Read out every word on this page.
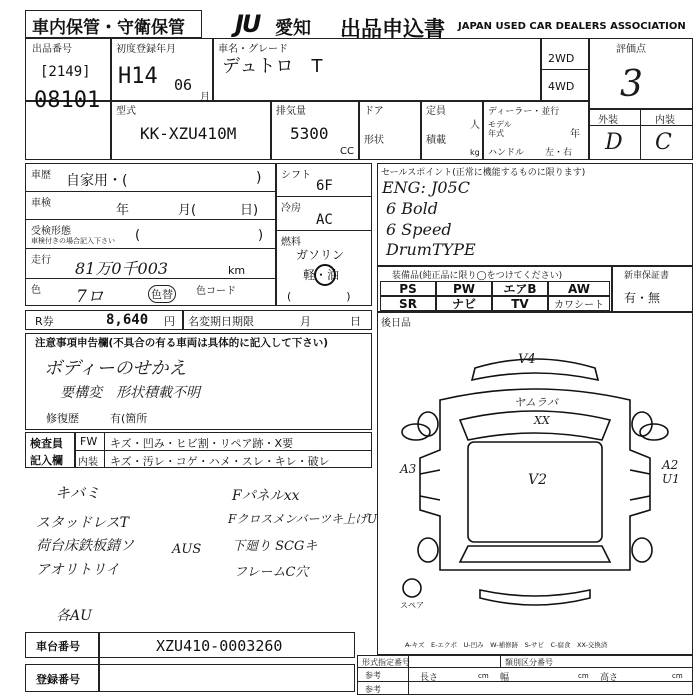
車内保管・守衛保管 JU 愛知 出品申込書 JAPAN USED CAR DEALERS ASSOCIATION
出品番号
[2149]
08101
初度登録年月
H14 06
月
車名・グレード
デュトロ　T	2WD
4WD
評価点
3
型式
KK-XZU410M
排気量
5300
CC
ドア
形状
定員
人
積載
kg
ディーラー・並行
モデル
年式	年
ハンドル 左・右
外装	内装
D C
車歴 自家用・(	)
車検	年	月(	日)
受検形態
車検付きの場合記入下さい (	)
走行 81万0千003	km
色 7ロ	色替	色コード
シフト
6F
冷房
AC
燃料
ガソリン
軽・油
(　　　　　)
セールスポイント(正常に機能するものに限ります)
ENG: J05C
6 Bold
6 Speed
DrumTYPE
装備品(純正品に限り◯をつけてください)
PS	PW	エアB	AW
SR	ナビ	TV	カワシート
新車保証書
有・無
R券	8,640 円 名変期日期限	月	日
注意事項申告欄(不具合の有る車両は具体的に記入して下さい)
ボディーのせかえ
要構変　形状積載不明
修復歴	有(箇所
検査員
記入欄
FW キズ・凹み・ヒビ割・リペア跡・X要
内装 キズ・汚レ・コゲ・ハメ・スレ・キレ・破レ
キバミ
スタッドレスT
荷台床鉄板錆ソ	AUS
アオリトリイ
各AU
Fパネルxx
Fクロスメンバーツキ上げU
下廻り SCGキ
フレームC穴
後日品
V4
ヤムラバ
XX
V2
A3	A2
U1
スペア
A-キズ　E-エクボ　U-凹み　W-補修跡　S-サビ　C-腐食　XX-交換済
車台番号	XZU410-0003260
登録番号
形式指定番号	類別区分番号
参考
参考
長さ	cm 幅	cm 高さ	cm
